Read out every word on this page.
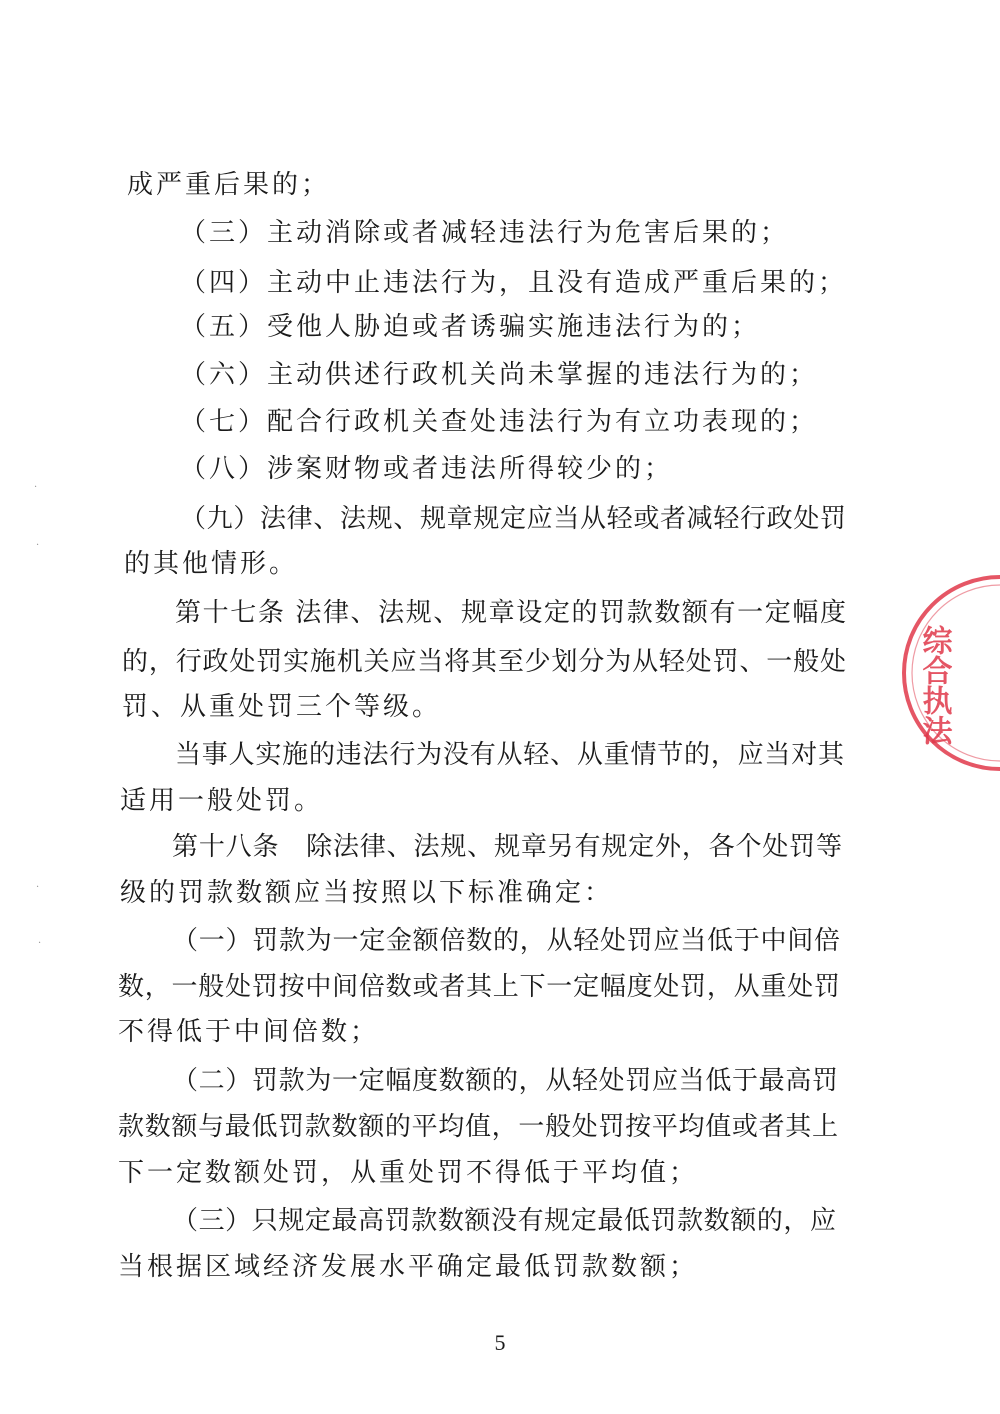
成严重后果的；
（三）主动消除或者减轻违法行为危害后果的；
（四）主动中止违法行为，且没有造成严重后果的；
（五）受他人胁迫或者诱骗实施违法行为的；
（六）主动供述行政机关尚未掌握的违法行为的；
（七）配合行政机关查处违法行为有立功表现的；
（八）涉案财物或者违法所得较少的；
（九）法律、法规、规章规定应当从轻或者减轻行政处罚
的其他情形。
第十七条 法律、法规、规章设定的罚款数额有一定幅度
的，行政处罚实施机关应当将其至少划分为从轻处罚、一般处
罚、从重处罚三个等级。
当事人实施的违法行为没有从轻、从重情节的，应当对其
适用一般处罚。
第十八条　除法律、法规、规章另有规定外，各个处罚等
级的罚款数额应当按照以下标准确定：
（一）罚款为一定金额倍数的，从轻处罚应当低于中间倍
数，一般处罚按中间倍数或者其上下一定幅度处罚，从重处罚
不得低于中间倍数；
（二）罚款为一定幅度数额的，从轻处罚应当低于最高罚
款数额与最低罚款数额的平均值，一般处罚按平均值或者其上
下一定数额处罚，从重处罚不得低于平均值；
（三）只规定最高罚款数额没有规定最低罚款数额的，应
当根据区域经济发展水平确定最低罚款数额；
5
综合执法
·
·
·
·
